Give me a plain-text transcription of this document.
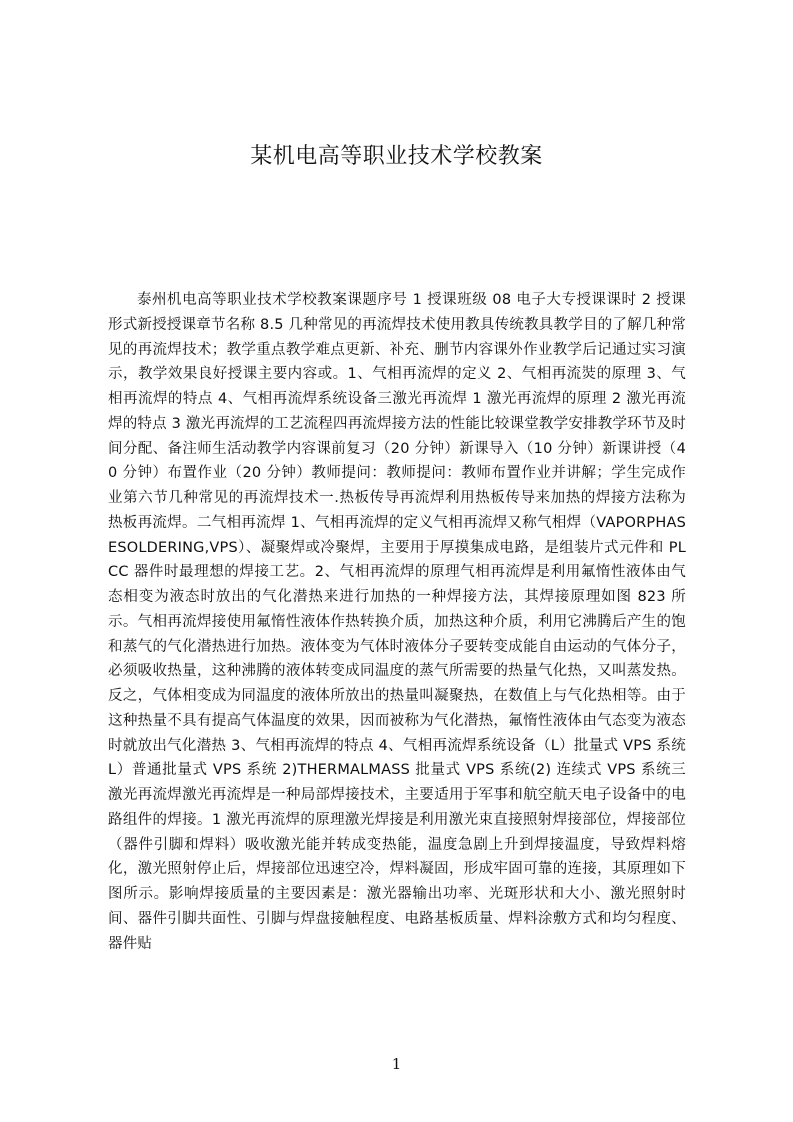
某机电高等职业技术学校教案

泰州机电高等职业技术学校教案课题序号 1 授课班级 08 电子大专授课课时 2 授课形式新授授课章节名称 8.5 几种常见的再流焊技术使用教具传统教具教学目的了解几种常见的再流焊技术；教学重点教学难点更新、补充、删节内容课外作业教学后记通过实习演示，教学效果良好授课主要内容或。1、气相再流焊的定义 2、气相再流焋的原理 3、气相再流焊的特点 4、气相再流焊系统设备三激光再流焊 1 激光再流焊的原理 2 激光再流焊的特点 3 激光再流焊的工艺流程四再流焊接方法的性能比较课堂教学安排教学环节及时间分配、备注师生活动教学内容课前复习（20 分钟）新课导入（10 分钟）新课讲授（40 分钟）布置作业（20 分钟）教师提问：教师提问：教师布置作业并讲解；学生完成作业第六节几种常见的再流焊技术一.热板传导再流焊利用热板传导来加热的焊接方法称为热板再流焊。二气相再流焊 1、气相再流焊的定义气相再流焊又称气相焊（VAPORPHASESOLDERING,VPS）、凝聚焊或冷聚焊，主要用于厚摸集成电路，是组装片式元件和 PLCC 器件时最理想的焊接工艺。2、气相再流焊的原理气相再流焊是利用氟惰性液体由气态相变为液态时放出的气化潜热来进行加热的一种焊接方法，其焊接原理如图 823 所示。气相再流焊接使用氟惰性液体作热转换介质，加热这种介质，利用它沸腾后产生的饱和蒸气的气化潜热进行加热。液体变为气体时液体分子要转变成能自由运动的气体分子，必须吸收热量，这种沸腾的液体转变成同温度的蒸气所需要的热量气化热，又叫蒸发热。反之，气体相变成为同温度的液体所放出的热量叫凝聚热，在数值上与气化热相等。由于这种热量不具有提高气体温度的效果，因而被称为气化潜热，氟惰性液体由气态变为液态时就放出气化潜热 3、气相再流焊的特点 4、气相再流焊系统设备（L）批量式 VPS 系统 L）普通批量式 VPS 系统 2)THERMALMASS 批量式 VPS 系统(2) 连续式 VPS 系统三激光再流焊激光再流焊是一种局部焊接技术，主要适用于军事和航空航天电子设备中的电路组件的焊接。1 激光再流焊的原理激光焊接是利用激光束直接照射焊接部位，焊接部位（器件引脚和焊料）吸收激光能并转成变热能，温度急剧上升到焊接温度，导致焊料熔化，激光照射停止后，焊接部位迅速空冷，焊料凝固，形成牢固可靠的连接，其原理如下图所示。影响焊接质量的主要因素是：激光器输出功率、光斑形状和大小、激光照射时间、器件引脚共面性、引脚与焊盘接触程度、电路基板质量、焊料涂敷方式和均匀程度、器件贴

1
